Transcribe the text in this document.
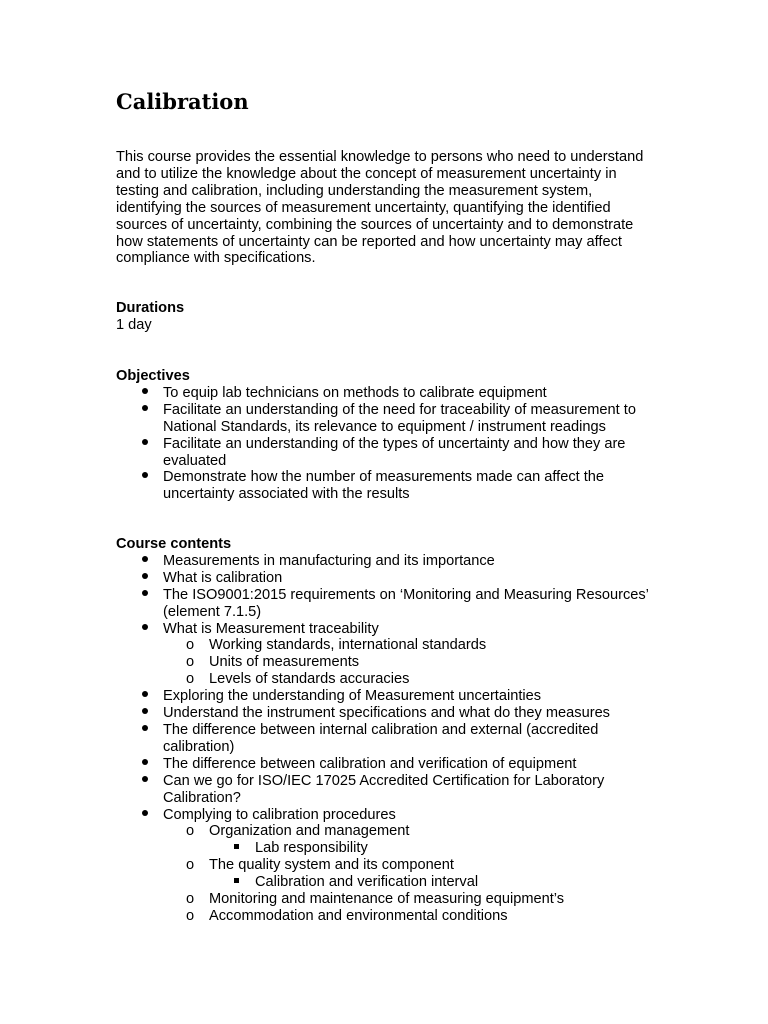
Calibration

This course provides the essential knowledge to persons who need to understand and to utilize the knowledge about the concept of measurement uncertainty in testing and calibration, including understanding the measurement system, identifying the sources of measurement uncertainty, quantifying the identified sources of uncertainty, combining the sources of uncertainty and to demonstrate how statements of uncertainty can be reported and how uncertainty may affect compliance with specifications.

Durations
1 day
Objectives
To equip lab technicians on methods to calibrate equipment
Facilitate an understanding of the need for traceability of measurement to National Standards, its relevance to equipment / instrument readings
Facilitate an understanding of the types of uncertainty and how they are evaluated
Demonstrate how the number of measurements made can affect the uncertainty associated with the results
Course contents
Measurements in manufacturing and its importance
What is calibration
The ISO9001:2015 requirements on ‘Monitoring and Measuring Resources’ (element 7.1.5)
What is Measurement traceability
o Working standards, international standards
o Units of measurements
o Levels of standards accuracies
Exploring the understanding of Measurement uncertainties
Understand the instrument specifications and what do they measures
The difference between internal calibration and external (accredited calibration)
The difference between calibration and verification of equipment
Can we go for ISO/IEC 17025 Accredited Certification for Laboratory Calibration?
Complying to calibration procedures
o Organization and management
Lab responsibility
o The quality system and its component
Calibration and verification interval
o Monitoring and maintenance of measuring equipment’s
o Accommodation and environmental conditions
